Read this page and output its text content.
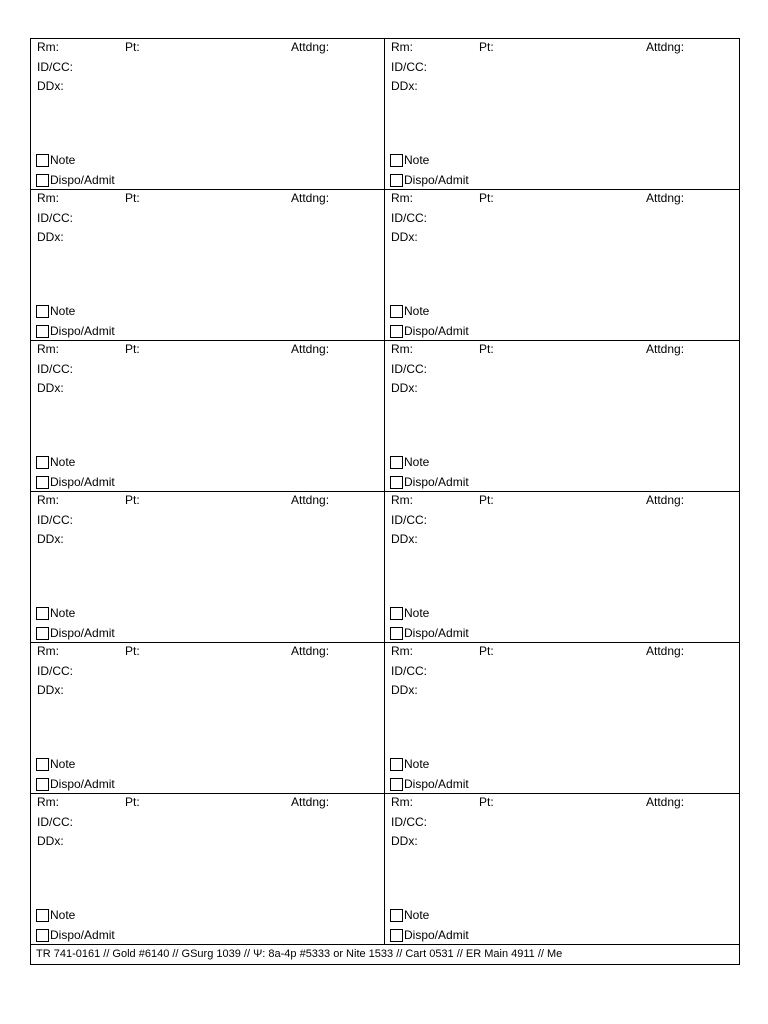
Rm:	Pt:	Attdng:
ID/CC:
DDx:
Note
Dispo/Admit
Rm:	Pt:	Attdng:
ID/CC:
DDx:
Note
Dispo/Admit
Rm:	Pt:	Attdng:
ID/CC:
DDx:
Note
Dispo/Admit
Rm:	Pt:	Attdng:
ID/CC:
DDx:
Note
Dispo/Admit
Rm:	Pt:	Attdng:
ID/CC:
DDx:
Note
Dispo/Admit
Rm:	Pt:	Attdng:
ID/CC:
DDx:
Note
Dispo/Admit
Rm:	Pt:	Attdng:
ID/CC:
DDx:
Note
Dispo/Admit
Rm:	Pt:	Attdng:
ID/CC:
DDx:
Note
Dispo/Admit
Rm:	Pt:	Attdng:
ID/CC:
DDx:
Note
Dispo/Admit
Rm:	Pt:	Attdng:
ID/CC:
DDx:
Note
Dispo/Admit
Rm:	Pt:	Attdng:
ID/CC:
DDx:
Note
Dispo/Admit
Rm:	Pt:	Attdng:
ID/CC:
DDx:
Note
Dispo/Admit
TR 741-0161 // Gold #6140 // GSurg 1039 // Ψ: 8a-4p #5333 or Nite 1533 // Cart 0531 // ER Main 4911 // Me
